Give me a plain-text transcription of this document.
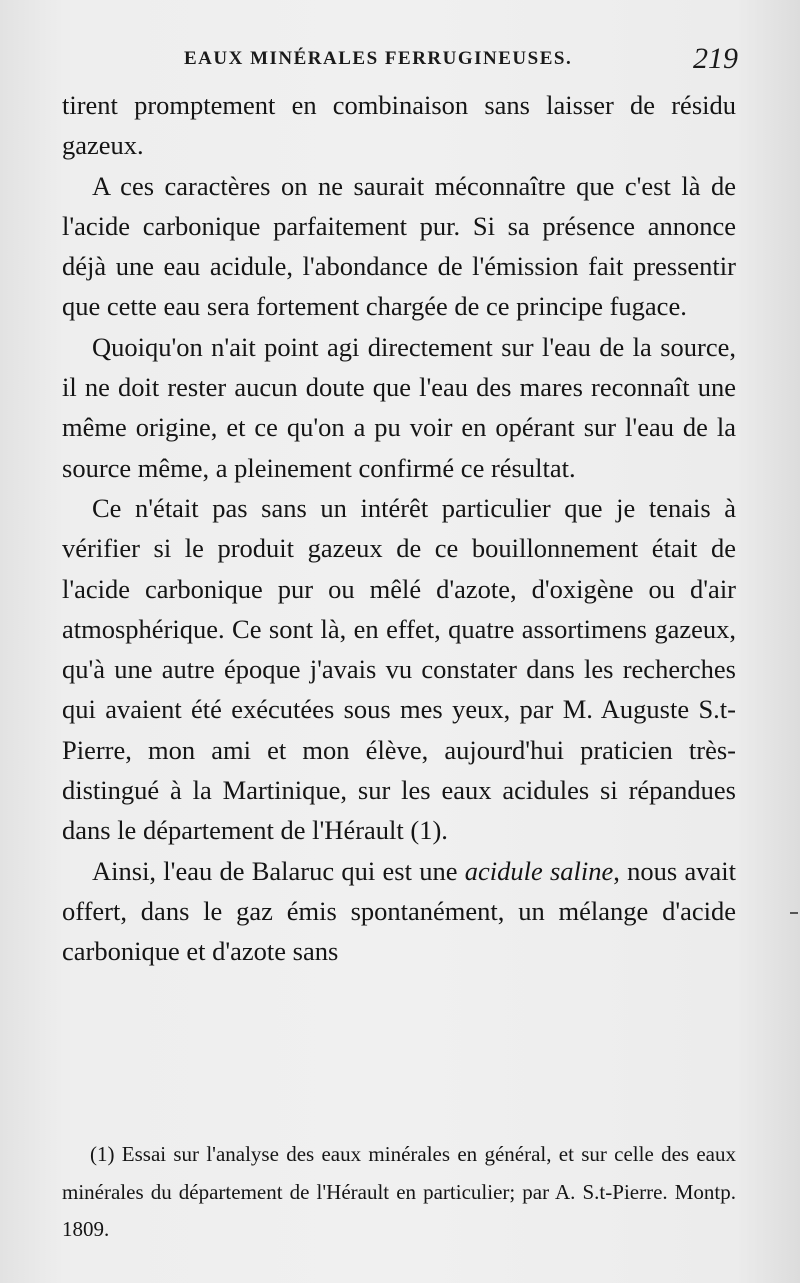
EAUX MINÉRALES FERRUGINEUSES.	219

tirent promptement en combinaison sans laisser de résidu gazeux.

A ces caractères on ne saurait méconnaître que c'est là de l'acide carbonique parfaitement pur. Si sa présence annonce déjà une eau acidule, l'abondance de l'émission fait pressentir que cette eau sera fortement chargée de ce principe fugace.

Quoiqu'on n'ait point agi directement sur l'eau de la source, il ne doit rester aucun doute que l'eau des mares reconnaît une même origine, et ce qu'on a pu voir en opérant sur l'eau de la source même, a pleinement confirmé ce résultat.

Ce n'était pas sans un intérêt particulier que je tenais à vérifier si le produit gazeux de ce bouillonnement était de l'acide carbonique pur ou mêlé d'azote, d'oxigène ou d'air atmosphérique. Ce sont là, en effet, quatre assortimens gazeux, qu'à une autre époque j'avais vu constater dans les recherches qui avaient été exécutées sous mes yeux, par M. Auguste S.t-Pierre, mon ami et mon élève, aujourd'hui praticien très-distingué à la Martinique, sur les eaux acidules si répandues dans le département de l'Hérault (1).

Ainsi, l'eau de Balaruc qui est une acidule saline, nous avait offert, dans le gaz émis spontanément, un mélange d'acide carbonique et d'azote sans

(1) Essai sur l'analyse des eaux minérales en général, et sur celle des eaux minérales du département de l'Hérault en particulier; par A. S.t-Pierre. Montp. 1809.
